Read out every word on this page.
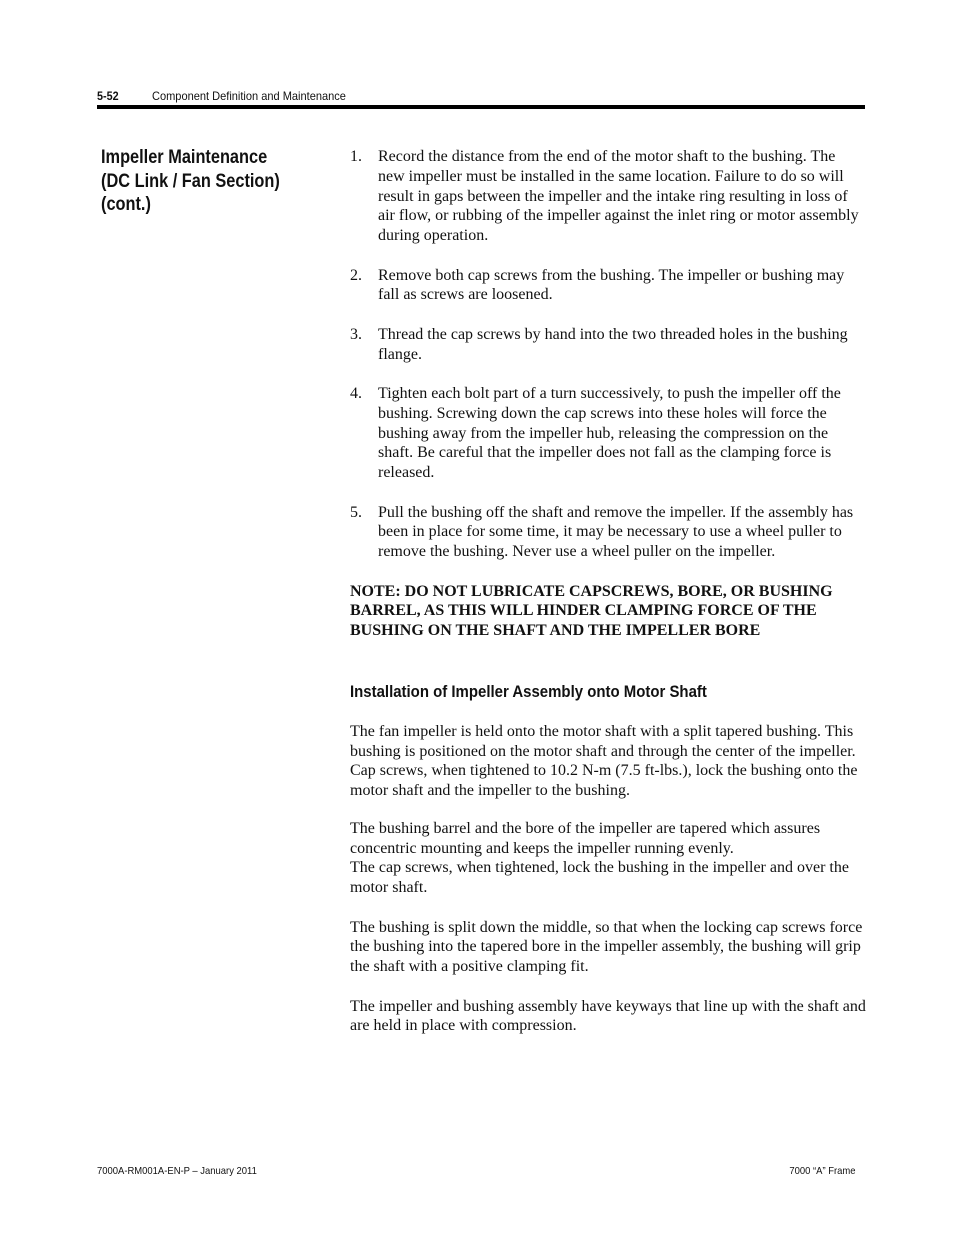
5-52	Component Definition and Maintenance
Impeller Maintenance
(DC Link / Fan Section)
(cont.)
1.	Record the distance from the end of the motor shaft to the bushing. The new impeller must be installed in the same location. Failure to do so will result in gaps between the impeller and the intake ring resulting in loss of air flow, or rubbing of the impeller against the inlet ring or motor assembly during operation.
2.	Remove both cap screws from the bushing. The impeller or bushing may fall as screws are loosened.
3.	Thread the cap screws by hand into the two threaded holes in the bushing flange.
4.	Tighten each bolt part of a turn successively, to push the impeller off the bushing. Screwing down the cap screws into these holes will force the bushing away from the impeller hub, releasing the compression on the shaft. Be careful that the impeller does not fall as the clamping force is released.
5.	Pull the bushing off the shaft and remove the impeller. If the assembly has been in place for some time, it may be necessary to use a wheel puller to remove the bushing. Never use a wheel puller on the impeller.
NOTE: DO NOT LUBRICATE CAPSCREWS, BORE, OR BUSHING BARREL, AS THIS WILL HINDER CLAMPING FORCE OF THE BUSHING ON THE SHAFT AND THE IMPELLER BORE
Installation of Impeller Assembly onto Motor Shaft

The fan impeller is held onto the motor shaft with a split tapered bushing. This bushing is positioned on the motor shaft and through the center of the impeller. Cap screws, when tightened to 10.2 N-m (7.5 ft-lbs.), lock the bushing onto the motor shaft and the impeller to the bushing.

The bushing barrel and the bore of the impeller are tapered which assures concentric mounting and keeps the impeller running evenly.
The cap screws, when tightened, lock the bushing in the impeller and over the motor shaft.

The bushing is split down the middle, so that when the locking cap screws force the bushing into the tapered bore in the impeller assembly, the bushing will grip the shaft with a positive clamping fit.

The impeller and bushing assembly have keyways that line up with the shaft and are held in place with compression.

7000A-RM001A-EN-P – January 2011	7000 “A” Frame
